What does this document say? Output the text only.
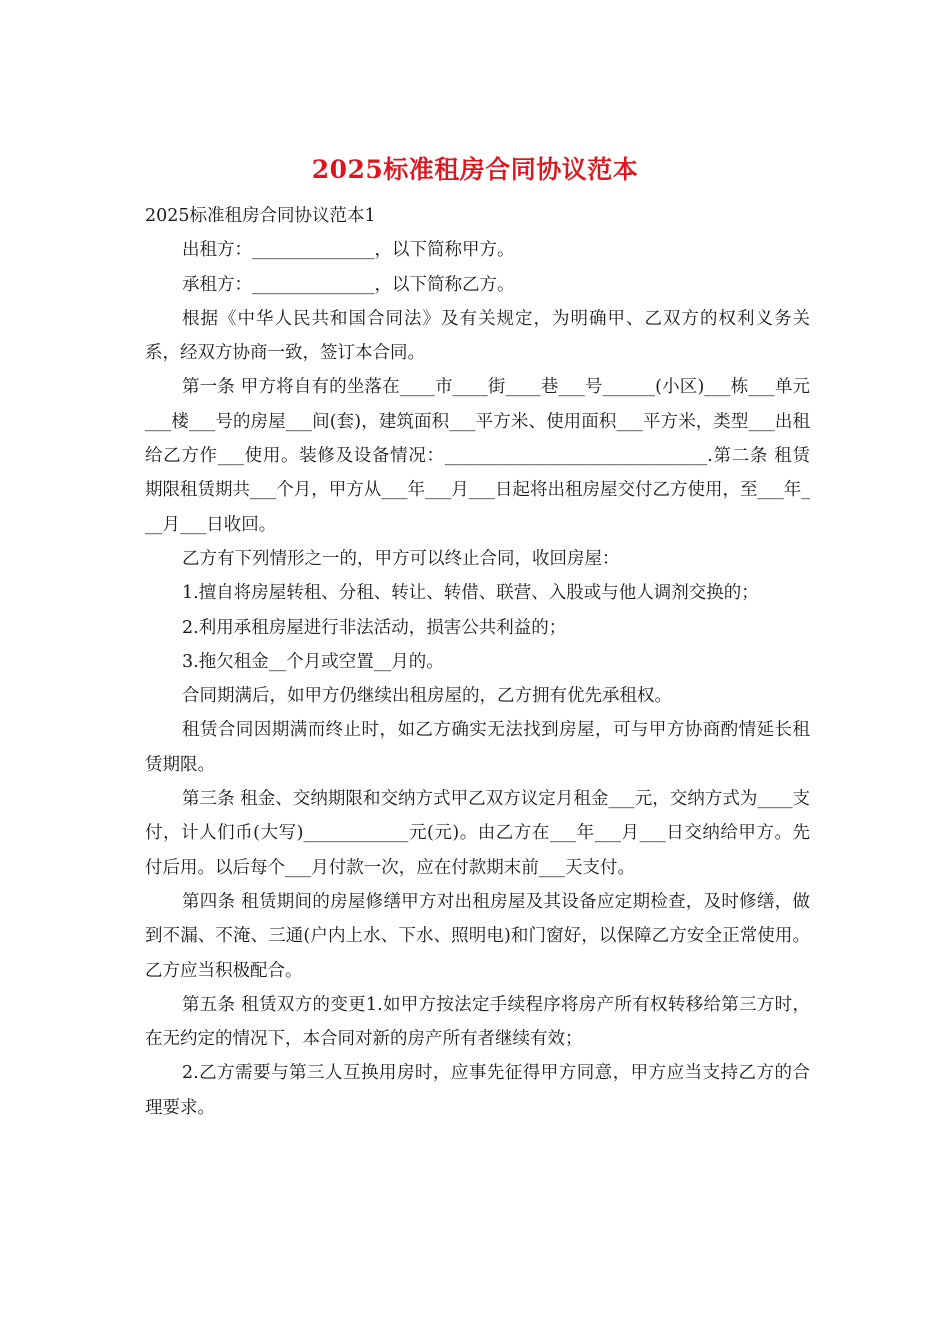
2025标准租房合同协议范本

2025标准租房合同协议范本1

出租方：______________，以下简称甲方。

承租方：______________，以下简称乙方。

根据《中华人民共和国合同法》及有关规定，为明确甲、乙双方的权利义务关系，经双方协商一致，签订本合同。

第一条 甲方将自有的坐落在____市____街____巷___号______(小区)___栋___单元___楼___号的房屋___间(套)，建筑面积___平方米、使用面积___平方米，类型___出租给乙方作___使用。装修及设备情况：______________________________.第二条 租赁期限租赁期共___个月，甲方从___年___月___日起将出租房屋交付乙方使用，至___年___月___日收回。

乙方有下列情形之一的，甲方可以终止合同，收回房屋：

1.擅自将房屋转租、分租、转让、转借、联营、入股或与他人调剂交换的；

2.利用承租房屋进行非法活动，损害公共利益的；

3.拖欠租金__个月或空置__月的。

合同期满后，如甲方仍继续出租房屋的，乙方拥有优先承租权。

租赁合同因期满而终止时，如乙方确实无法找到房屋，可与甲方协商酌情延长租赁期限。

第三条 租金、交纳期限和交纳方式甲乙双方议定月租金___元，交纳方式为____支付，计人们币(大写)____________元(元)。由乙方在___年___月___日交纳给甲方。先付后用。以后每个___月付款一次，应在付款期末前___天支付。

第四条 租赁期间的房屋修缮甲方对出租房屋及其设备应定期检查，及时修缮，做到不漏、不淹、三通(户内上水、下水、照明电)和门窗好，以保障乙方安全正常使用。乙方应当积极配合。

第五条 租赁双方的变更1.如甲方按法定手续程序将房产所有权转移给第三方时，在无约定的情况下，本合同对新的房产所有者继续有效；

2.乙方需要与第三人互换用房时，应事先征得甲方同意，甲方应当支持乙方的合理要求。
